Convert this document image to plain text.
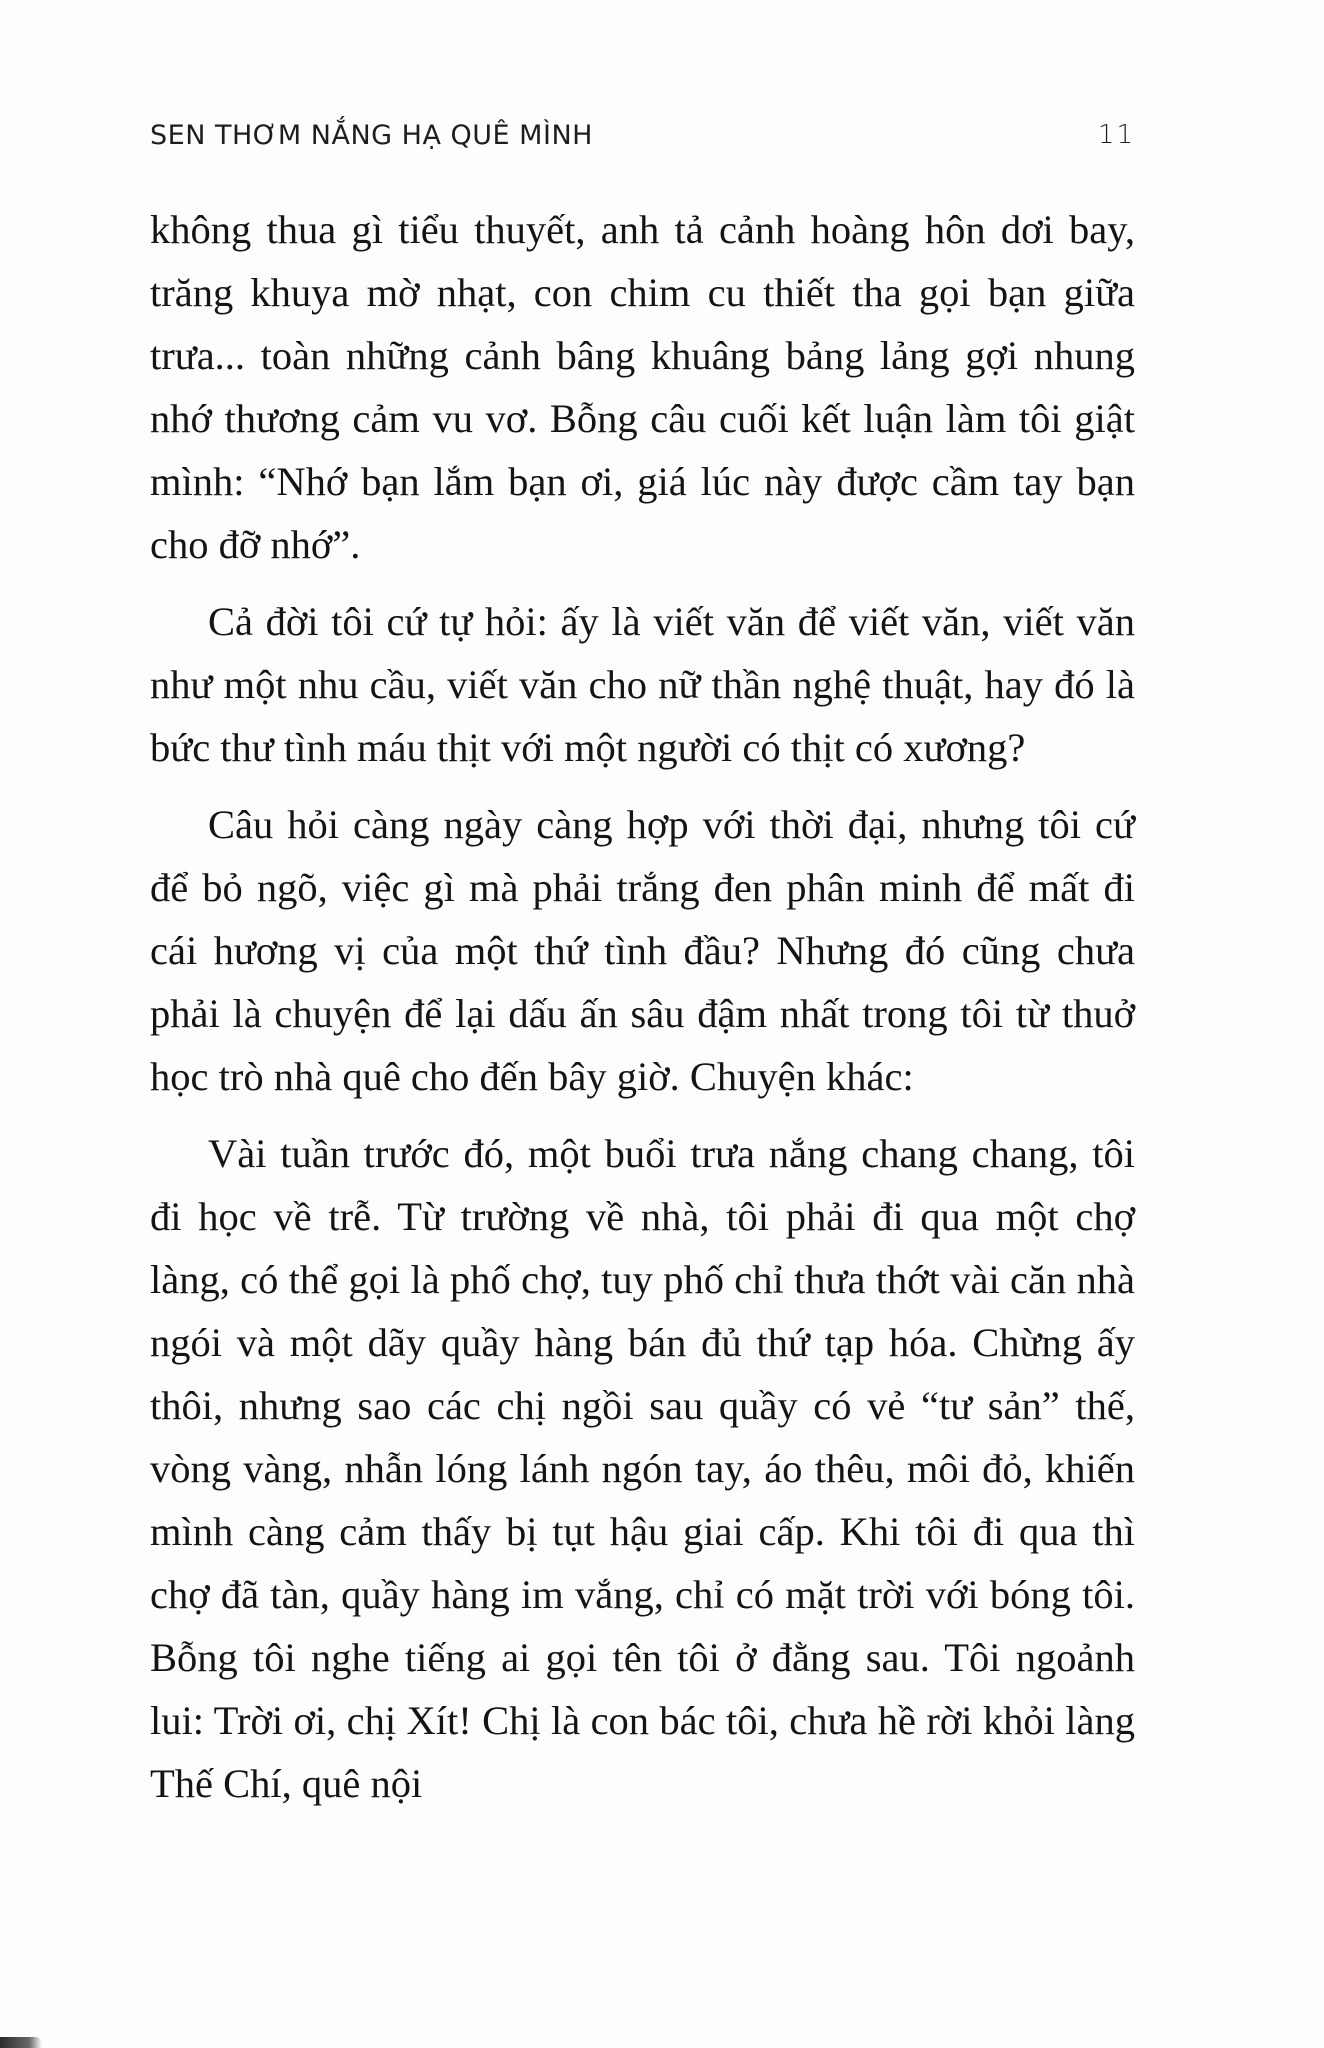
SEN THƠM NẮNG HẠ QUÊ MÌNH	11

không thua gì tiểu thuyết, anh tả cảnh hoàng hôn dơi bay, trăng khuya mờ nhạt, con chim cu thiết tha gọi bạn giữa trưa... toàn những cảnh bâng khuâng bảng lảng gợi nhung nhớ thương cảm vu vơ. Bỗng câu cuối kết luận làm tôi giật mình: “Nhớ bạn lắm bạn ơi, giá lúc này được cầm tay bạn cho đỡ nhớ”.

Cả đời tôi cứ tự hỏi: ấy là viết văn để viết văn, viết văn như một nhu cầu, viết văn cho nữ thần nghệ thuật, hay đó là bức thư tình máu thịt với một người có thịt có xương?

Câu hỏi càng ngày càng hợp với thời đại, nhưng tôi cứ để bỏ ngõ, việc gì mà phải trắng đen phân minh để mất đi cái hương vị của một thứ tình đầu? Nhưng đó cũng chưa phải là chuyện để lại dấu ấn sâu đậm nhất trong tôi từ thuở học trò nhà quê cho đến bây giờ. Chuyện khác:

Vài tuần trước đó, một buổi trưa nắng chang chang, tôi đi học về trễ. Từ trường về nhà, tôi phải đi qua một chợ làng, có thể gọi là phố chợ, tuy phố chỉ thưa thớt vài căn nhà ngói và một dãy quầy hàng bán đủ thứ tạp hóa. Chừng ấy thôi, nhưng sao các chị ngồi sau quầy có vẻ “tư sản” thế, vòng vàng, nhẫn lóng lánh ngón tay, áo thêu, môi đỏ, khiến mình càng cảm thấy bị tụt hậu giai cấp. Khi tôi đi qua thì chợ đã tàn, quầy hàng im vắng, chỉ có mặt trời với bóng tôi. Bỗng tôi nghe tiếng ai gọi tên tôi ở đằng sau. Tôi ngoảnh lui: Trời ơi, chị Xít! Chị là con bác tôi, chưa hề rời khỏi làng Thế Chí, quê nội
